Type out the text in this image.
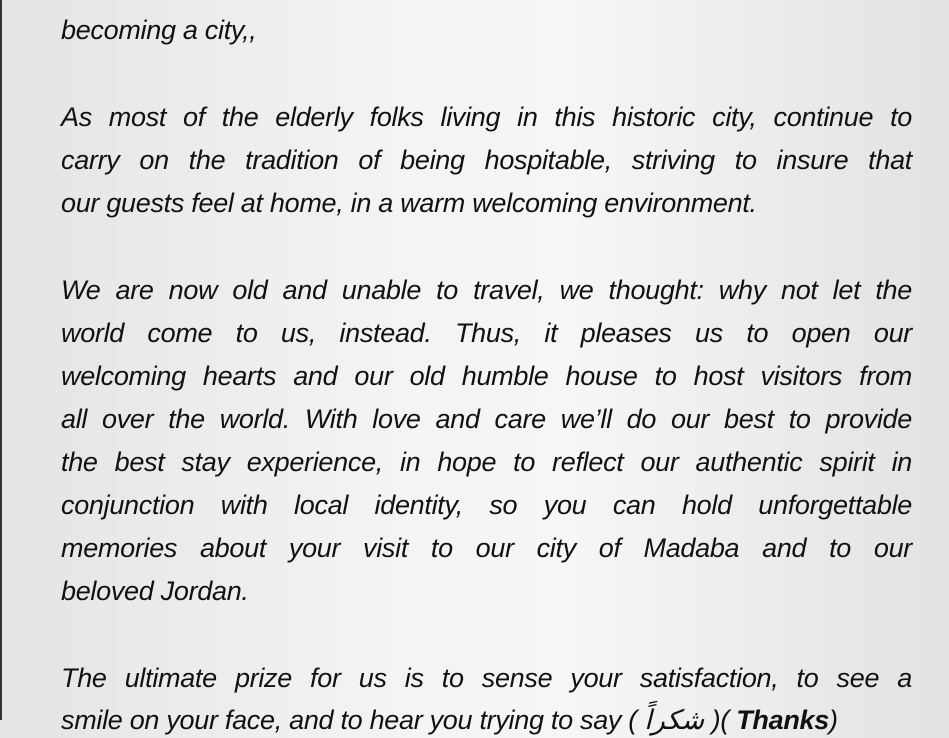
becoming a city,,
As most of the elderly folks living in this historic city, continue to
carry on the tradition of being hospitable, striving to insure that
our guests feel at home, in a warm welcoming environment.
We are now old and unable to travel, we thought: why not let the
world come to us, instead. Thus, it pleases us to open our
welcoming hearts and our old humble house to host visitors from
all over the world. With love and care we’ll do our best to provide
the best stay experience, in hope to reflect our authentic spirit in
conjunction with local identity, so you can hold unforgettable
memories about your visit to our city of Madaba and to our
beloved Jordan.
The ultimate prize for us is to sense your satisfaction, to see a
smile on your face, and to hear you trying to say ( شكراً )( Thanks)
